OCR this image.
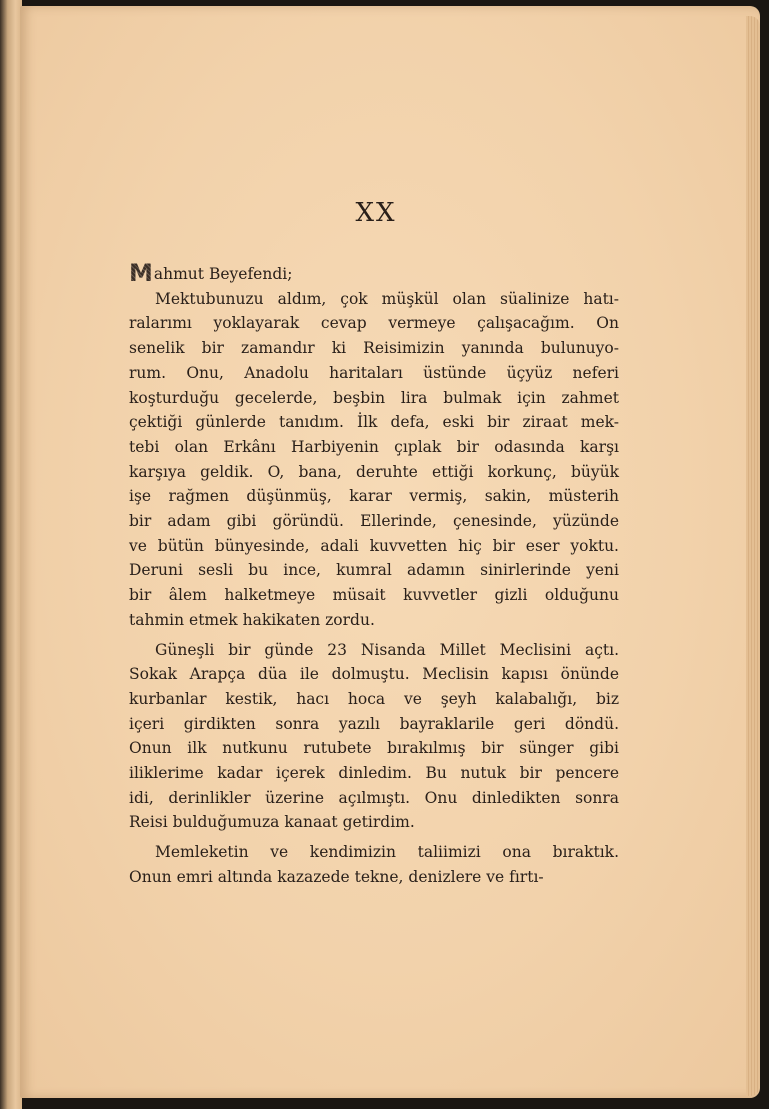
XX

Mahmut Beyefendi;

Mektubunuzu aldım, çok müşkül olan süalinize hatı-
ralarımı yoklayarak cevap vermeye çalışacağım. On
senelik bir zamandır ki Reisimizin yanında bulunuyo-
rum. Onu, Anadolu haritaları üstünde üçyüz neferi
koşturduğu gecelerde, beşbin lira bulmak için zahmet
çektiği günlerde tanıdım. İlk defa, eski bir ziraat mek-
tebi olan Erkânı Harbiyenin çıplak bir odasında karşı
karşıya geldik. O, bana, deruhte ettiği korkunç, büyük
işe rağmen düşünmüş, karar vermiş, sakin, müsterih
bir adam gibi göründü. Ellerinde, çenesinde, yüzünde
ve bütün bünyesinde, adali kuvvetten hiç bir eser yoktu.
Deruni sesli bu ince, kumral adamın sinirlerinde yeni
bir âlem halketmeye müsait kuvvetler gizli olduğunu
tahmin etmek hakikaten zordu.
Güneşli bir günde 23 Nisanda Millet Meclisini açtı.
Sokak Arapça düa ile dolmuştu. Meclisin kapısı önünde
kurbanlar kestik, hacı hoca ve şeyh kalabalığı, biz
içeri girdikten sonra yazılı bayraklarile geri döndü.
Onun ilk nutkunu rutubete bırakılmış bir sünger gibi
iliklerime kadar içerek dinledim. Bu nutuk bir pencere
idi, derinlikler üzerine açılmıştı. Onu dinledikten sonra
Reisi bulduğumuza kanaat getirdim.
Memleketin ve kendimizin taliimizi ona bıraktık.
Onun emri altında kazazede tekne, denizlere ve fırtı-
